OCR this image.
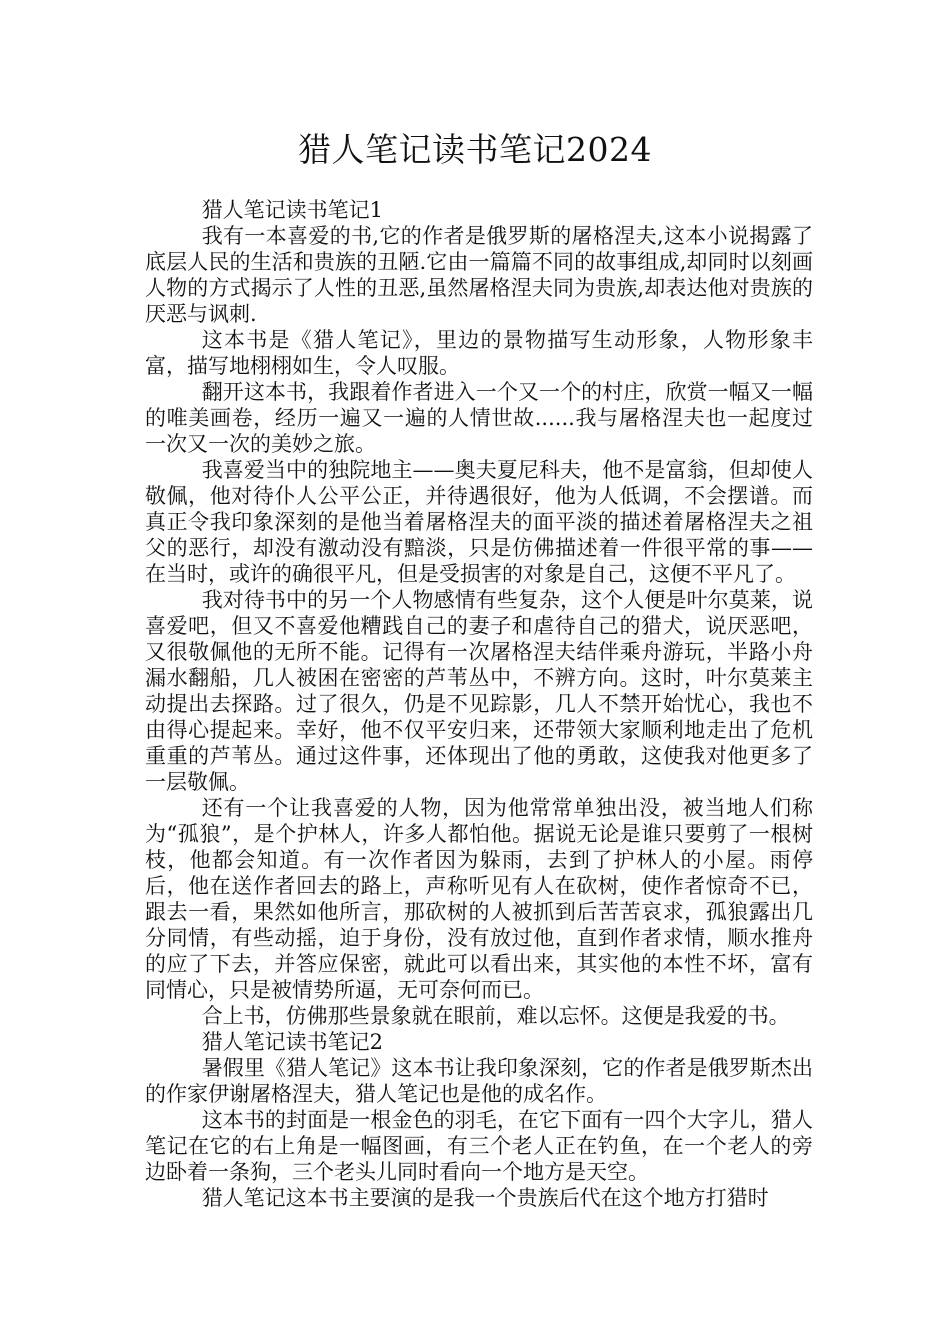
猎人笔记读书笔记2024

猎人笔记读书笔记1

我有一本喜爱的书,它的作者是俄罗斯的屠格涅夫,这本小说揭露了底层人民的生活和贵族的丑陋.它由一篇篇不同的故事组成,却同时以刻画人物的方式揭示了人性的丑恶,虽然屠格涅夫同为贵族,却表达他对贵族的厌恶与讽刺.

这本书是《猎人笔记》，里边的景物描写生动形象，人物形象丰富，描写地栩栩如生，令人叹服。

翻开这本书，我跟着作者进入一个又一个的村庄，欣赏一幅又一幅的唯美画卷，经历一遍又一遍的人情世故......我与屠格涅夫也一起度过一次又一次的美妙之旅。

我喜爱当中的独院地主——奥夫夏尼科夫，他不是富翁，但却使人敬佩，他对待仆人公平公正，并待遇很好，他为人低调，不会摆谱。而真正令我印象深刻的是他当着屠格涅夫的面平淡的描述着屠格涅夫之祖父的恶行，却没有激动没有黯淡，只是仿佛描述着一件很平常的事——在当时，或许的确很平凡，但是受损害的对象是自己，这便不平凡了。

我对待书中的另一个人物感情有些复杂，这个人便是叶尔莫莱，说喜爱吧，但又不喜爱他糟践自己的妻子和虐待自己的猎犬，说厌恶吧，又很敬佩他的无所不能。记得有一次屠格涅夫结伴乘舟游玩，半路小舟漏水翻船，几人被困在密密的芦苇丛中，不辨方向。这时，叶尔莫莱主动提出去探路。过了很久，仍是不见踪影，几人不禁开始忧心，我也不由得心提起来。幸好，他不仅平安归来，还带领大家顺利地走出了危机重重的芦苇丛。通过这件事，还体现出了他的勇敢，这使我对他更多了一层敬佩。

还有一个让我喜爱的人物，因为他常常单独出没，被当地人们称为“孤狼”，是个护林人，许多人都怕他。据说无论是谁只要剪了一根树枝，他都会知道。有一次作者因为躲雨，去到了护林人的小屋。雨停后，他在送作者回去的路上，声称听见有人在砍树，使作者惊奇不已，跟去一看，果然如他所言，那砍树的人被抓到后苦苦哀求，孤狼露出几分同情，有些动摇，迫于身份，没有放过他，直到作者求情，顺水推舟的应了下去，并答应保密，就此可以看出来，其实他的本性不坏，富有同情心，只是被情势所逼，无可奈何而已。

合上书，仿佛那些景象就在眼前，难以忘怀。这便是我爱的书。

猎人笔记读书笔记2

暑假里《猎人笔记》这本书让我印象深刻，它的作者是俄罗斯杰出的作家伊谢屠格涅夫，猎人笔记也是他的成名作。

这本书的封面是一根金色的羽毛，在它下面有一四个大字儿，猎人笔记在它的右上角是一幅图画，有三个老人正在钓鱼，在一个老人的旁边卧着一条狗，三个老头儿同时看向一个地方是天空。

猎人笔记这本书主要演的是我一个贵族后代在这个地方打猎时
